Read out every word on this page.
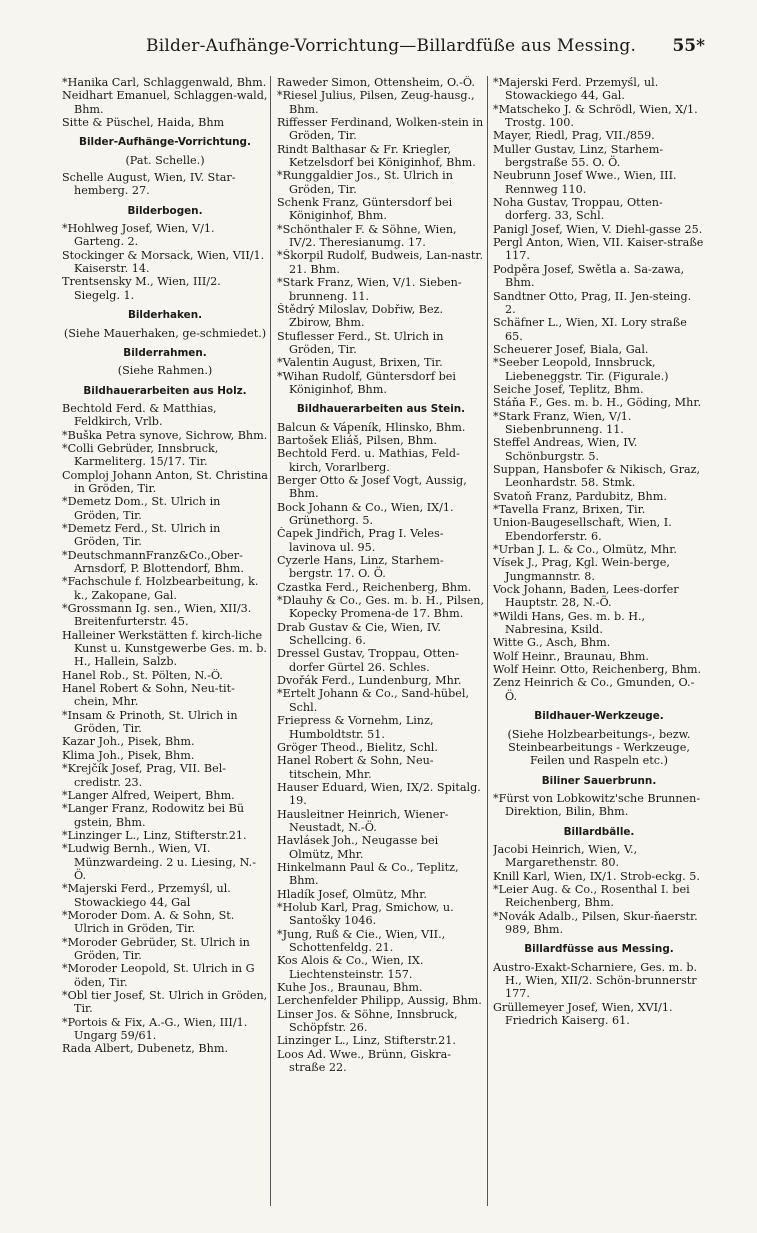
Bilder-Aufhänge-Vorrichtung—Billardfüße aus Messing. 55*

*Hanika Carl, Schlaggenwald, Bhm.

Neidhart Emanuel, Schlaggen-wald, Bhm.

Sitte & Püschel, Haida, Bhm

Bilder-Aufhänge-Vorrichtung.

(Pat. Schelle.)

Schelle August, Wien, IV. Star-hemberg. 27.

Bilderbogen.

*Hohlweg Josef, Wien, V/1. Garteng. 2.

Stockinger & Morsack, Wien, VII/1. Kaiserstr. 14.

Trentsensky M., Wien, III/2. Siegelg. 1.

Bilderhaken.

(Siehe Mauerhaken, ge-schmiedet.)

Bilderrahmen.

(Siehe Rahmen.)

Bildhauerarbeiten aus Holz.

Bechtold Ferd. & Matthias, Feldkirch, Vrlb.

*Buška Petra synove, Sichrow, Bhm.

*Colli Gebrüder, Innsbruck, Karmeliterg. 15/17. Tir.

Comploj Johann Anton, St. Christina in Gröden, Tir.

*Demetz Dom., St. Ulrich in Gröden, Tir.

*Demetz Ferd., St. Ulrich in Gröden, Tir.

*DeutschmannFranz&Co.,Ober-Arnsdorf, P. Blottendorf, Bhm.

*Fachschule f. Holzbearbeitung, k. k., Zakopane, Gal.

*Grossmann Ig. sen., Wien, XII/3. Breitenfurterstr. 45.

Halleiner Werkstätten f. kirch-liche Kunst u. Kunstgewerbe Ges. m. b. H., Hallein, Salzb.

Hanel Rob., St. Pölten, N.-Ö.

Hanel Robert & Sohn, Neu-tit-chein, Mhr.

*Insam & Prinoth, St. Ulrich in Gröden, Tir.

Kazar Joh., Pisek, Bhm.

Klima Joh., Pisek, Bhm.

*Krejčík Josef, Prag, VII. Bel-credistr. 23.

*Langer Alfred, Weipert, Bhm.

*Langer Franz, Rodowitz bei Bü gstein, Bhm.

*Linzinger L., Linz, Stifterstr.21.

*Ludwig Bernh., Wien, VI. Münzwardeing. 2 u. Liesing, N.-Ö.

*Majerski Ferd., Przemyśl, ul. Stowackiego 44, Gal

*Moroder Dom. A. & Sohn, St. Ulrich in Gröden, Tir.

*Moroder Gebrüder, St. Ulrich in Gröden, Tir.

*Moroder Leopold, St. Ulrich in G öden, Tir.

*Obl tier Josef, St. Ulrich in Gröden, Tir.

*Portois & Fix, A.-G., Wien, III/1. Ungarg 59/61.

Rada Albert, Dubenetz, Bhm.

Raweder Simon, Ottensheim, O.-Ö.

*Riesel Julius, Pilsen, Zeug-hausg., Bhm.

Riffesser Ferdinand, Wolken-stein in Gröden, Tir.

Rindt Balthasar & Fr. Kriegler, Ketzelsdorf bei Königinhof, Bhm.

*Runggaldier Jos., St. Ulrich in Gröden, Tir.

Schenk Franz, Güntersdorf bei Königinhof, Bhm.

*Schönthaler F. & Söhne, Wien, IV/2. Theresianumg. 17.

*Škorpil Rudolf, Budweis, Lan-nastr. 21. Bhm.

*Stark Franz, Wien, V/1. Sieben-brunneng. 11.

Štědrý Miloslav, Dobřiw, Bez. Zbirow, Bhm.

Stuflesser Ferd., St. Ulrich in Gröden, Tir.

*Valentin August, Brixen, Tir.

*Wihan Rudolf, Güntersdorf bei Königinhof, Bhm.

Bildhauerarbeiten aus Stein.

Balcun & Vápeník, Hlinsko, Bhm.

Bartošek Eliáš, Pilsen, Bhm.

Bechtold Ferd. u. Mathias, Feld-kirch, Vorarlberg.

Berger Otto & Josef Vogt, Aussig, Bhm.

Bock Johann & Co., Wien, IX/1. Grünethorg. 5.

Čapek Jindřich, Prag I. Veles-lavinova ul. 95.

Cyzerle Hans, Linz, Starhem-bergstr. 17. O. Ö.

Czastka Ferd., Reichenberg, Bhm.

*Dlauhy & Co., Ges. m. b. H., Pilsen, Kopecky Promena-de 17. Bhm.

Drab Gustav & Cie, Wien, IV. Schellcing. 6.

Dressel Gustav, Troppau, Otten-dorfer Gürtel 26. Schles.

Dvořák Ferd., Lundenburg, Mhr.

*Ertelt Johann & Co., Sand-hübel, Schl.

Friepress & Vornehm, Linz, Humboldtstr. 51.

Gröger Theod., Bielitz, Schl.

Hanel Robert & Sohn, Neu-titschein, Mhr.

Hauser Eduard, Wien, IX/2. Spitalg. 19.

Hausleitner Heinrich, Wiener-Neustadt, N.-Ö.

Havlásek Joh., Neugasse bei Olmütz, Mhr.

Hinkelmann Paul & Co., Teplitz, Bhm.

Hladík Josef, Olmütz, Mhr.

*Holub Karl, Prag, Smichow, u. Santošky 1046.

*Jung, Ruß & Cie., Wien, VII., Schottenfeldg. 21.

Kos Alois & Co., Wien, IX. Liechtensteinstr. 157.

Kuhe Jos., Braunau, Bhm.

Lerchenfelder Philipp, Aussig, Bhm.

Linser Jos. & Söhne, Innsbruck, Schöpfstr. 26.

Linzinger L., Linz, Stifterstr.21.

Loos Ad. Wwe., Brünn, Giskra-straße 22.

*Majerski Ferd. Przemyśl, ul. Stowackiego 44, Gal.

*Matscheko J. & Schrödl, Wien, X/1. Trostg. 100.

Mayer, Riedl, Prag, VII./859.

Muller Gustav, Linz, Starhem-bergstraße 55. O. Ö.

Neubrunn Josef Wwe., Wien, III. Rennweg 110.

Noha Gustav, Troppau, Otten-dorferg. 33, Schl.

Panigl Josef, Wien, V. Diehl-gasse 25.

Pergl Anton, Wien, VII. Kaiser-straße 117.

Podpěra Josef, Swětla a. Sa-zawa, Bhm.

Sandtner Otto, Prag, II. Jen-steing. 2.

Schäfner L., Wien, XI. Lory straße 65.

Scheuerer Josef, Biala, Gal.

*Seeber Leopold, Innsbruck, Liebeneggstr. Tir. (Figurale.)

Seiche Josef, Teplitz, Bhm.

Stáňa F., Ges. m. b. H., Göding, Mhr.

*Stark Franz, Wien, V/1. Siebenbrunneng. 11.

Steffel Andreas, Wien, IV. Schönburgstr. 5.

Suppan, Hansbofer & Nikisch, Graz, Leonhardstr. 58. Stmk.

Svatoň Franz, Pardubitz, Bhm.

*Tavella Franz, Brixen, Tir.

Union-Baugesellschaft, Wien, I. Ebendorferstr. 6.

*Urban J. L. & Co., Olmütz, Mhr.

Vísek J., Prag, Kgl. Wein-berge, Jungmannstr. 8.

Vock Johann, Baden, Lees-dorfer Hauptstr. 28, N.-Ö.

*Wildi Hans, Ges. m. b. H., Nabresina, Ksild.

Witte G., Asch, Bhm.

Wolf Heinr., Braunau, Bhm.

Wolf Heinr. Otto, Reichenberg, Bhm.

Zenz Heinrich & Co., Gmunden, O.-Ö.

Bildhauer-Werkzeuge.

(Siehe Holzbearbeitungs-, bezw. Steinbearbeitungs - Werkzeuge, Feilen und Raspeln etc.)

Biliner Sauerbrunn.

*Fürst von Lobkowitz'sche Brunnen-Direktion, Bilin, Bhm.

Billardbälle.

Jacobi Heinrich, Wien, V., Margarethenstr. 80.

Knill Karl, Wien, IX/1. Strob-eckg. 5.

*Leier Aug. & Co., Rosenthal I. bei Reichenberg, Bhm.

*Novák Adalb., Pilsen, Skur-ňaerstr. 989, Bhm.

Billardfüsse aus Messing.

Austro-Exakt-Scharniere, Ges. m. b. H., Wien, XII/2. Schön-brunnerstr 177.

Grüllemeyer Josef, Wien, XVI/1. Friedrich Kaiserg. 61.
